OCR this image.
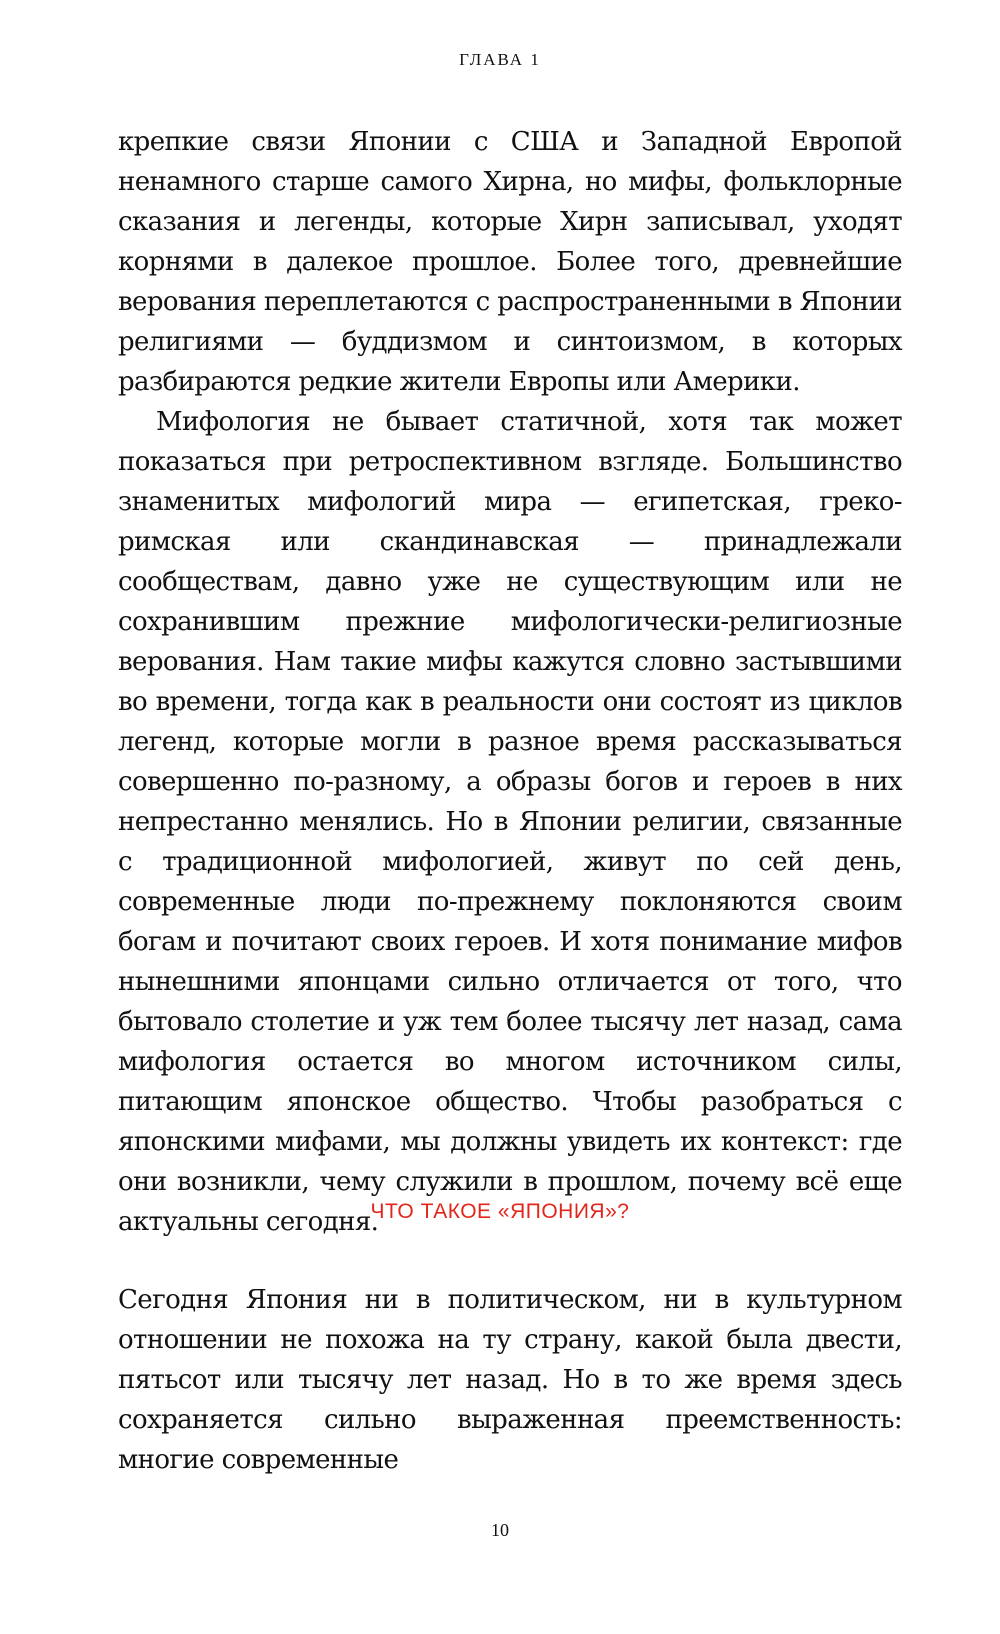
ГЛАВА 1

крепкие связи Японии с США и Западной Европой ненамного старше самого Хирна, но мифы, фольклорные сказания и легенды, которые Хирн записывал, уходят корнями в далекое прошлое. Более того, древнейшие верования переплетаются с распространенными в Японии религиями — буддизмом и синтоизмом, в которых разбираются редкие жители Европы или Америки.

Мифология не бывает статичной, хотя так может показаться при ретроспективном взгляде. Большинство знаменитых мифологий мира — египетская, греко-римская или скандинавская — принадлежали сообществам, давно уже не существующим или не сохранившим прежние мифологически-религиозные верования. Нам такие мифы кажутся словно застывшими во времени, тогда как в реальности они состоят из циклов легенд, которые могли в разное время рассказываться совершенно по-разному, а образы богов и героев в них непрестанно менялись. Но в Японии религии, связанные с традиционной мифологией, живут по сей день, современные люди по-прежнему поклоняются своим богам и почитают своих героев. И хотя понимание мифов нынешними японцами сильно отличается от того, что бытовало столетие и уж тем более тысячу лет назад, сама мифология остается во многом источником силы, питающим японское общество. Чтобы разобраться с японскими мифами, мы должны увидеть их контекст: где они возникли, чему служили в прошлом, почему всё еще актуальны сегодня.

ЧТО ТАКОЕ «ЯПОНИЯ»?

Сегодня Япония ни в политическом, ни в культурном отношении не похожа на ту страну, какой была двести, пятьсот или тысячу лет назад. Но в то же время здесь сохраняется сильно выраженная преемственность: многие современные

10
